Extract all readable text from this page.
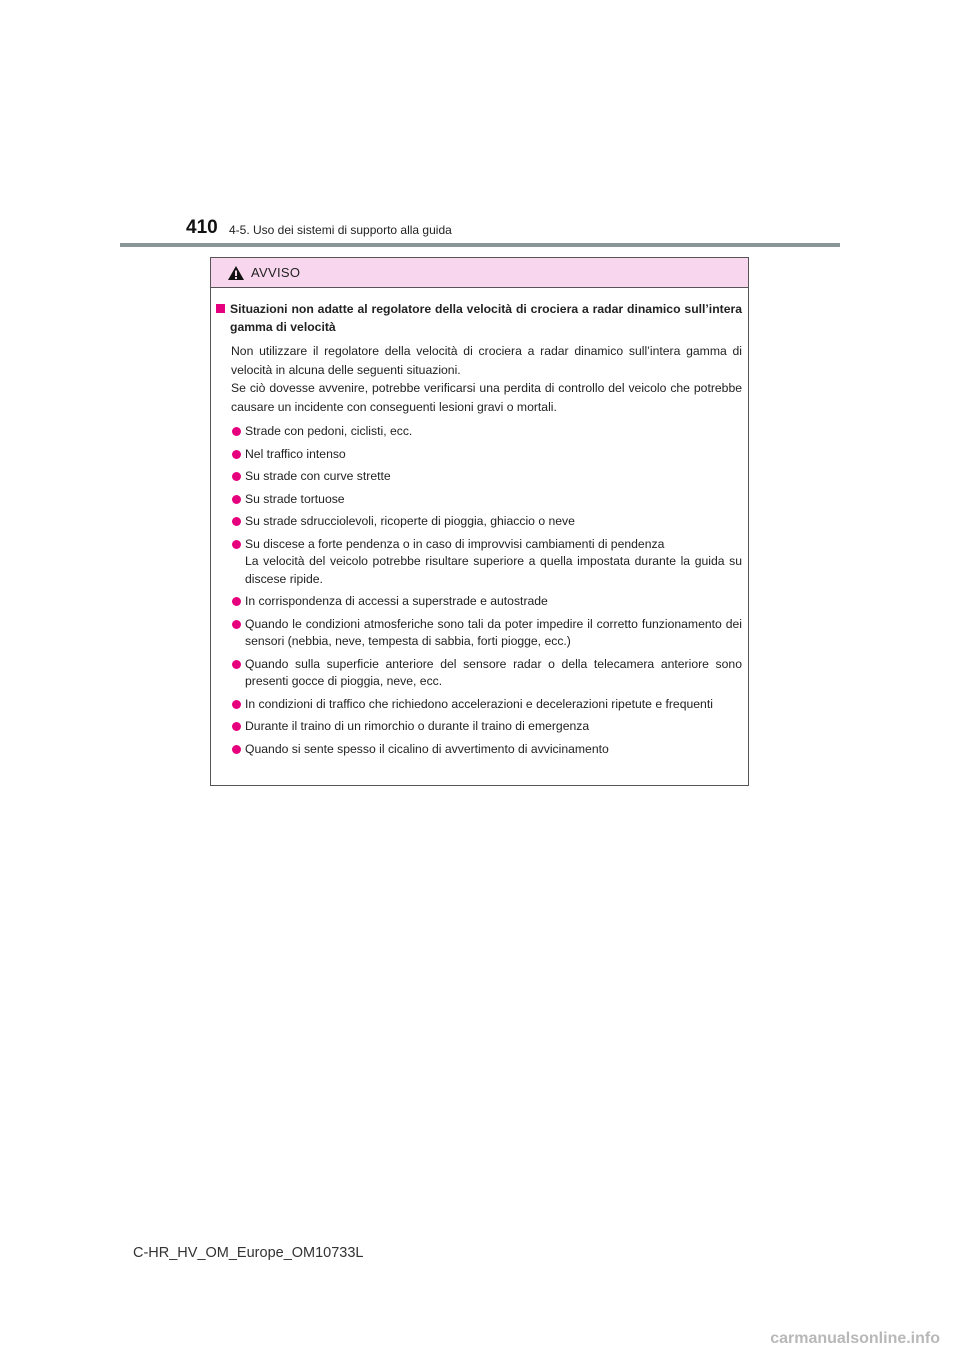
410 4-5. Uso dei sistemi di supporto alla guida
AVVISO
Situazioni non adatte al regolatore della velocità di crociera a radar dinamico sull’intera gamma di velocità
Non utilizzare il regolatore della velocità di crociera a radar dinamico sull’intera gamma di velocità in alcuna delle seguenti situazioni.
Se ciò dovesse avvenire, potrebbe verificarsi una perdita di controllo del veicolo che potrebbe causare un incidente con conseguenti lesioni gravi o mortali.
Strade con pedoni, ciclisti, ecc.
Nel traffico intenso
Su strade con curve strette
Su strade tortuose
Su strade sdrucciolevoli, ricoperte di pioggia, ghiaccio o neve
Su discese a forte pendenza o in caso di improvvisi cambiamenti di pendenza
La velocità del veicolo potrebbe risultare superiore a quella impostata durante la guida su discese ripide.
In corrispondenza di accessi a superstrade e autostrade
Quando le condizioni atmosferiche sono tali da poter impedire il corretto funzionamento dei sensori (nebbia, neve, tempesta di sabbia, forti piogge, ecc.)
Quando sulla superficie anteriore del sensore radar o della telecamera anteriore sono presenti gocce di pioggia, neve, ecc.
In condizioni di traffico che richiedono accelerazioni e decelerazioni ripetute e frequenti
Durante il traino di un rimorchio o durante il traino di emergenza
Quando si sente spesso il cicalino di avvertimento di avvicinamento
C-HR_HV_OM_Europe_OM10733L
carmanualsonline.info
